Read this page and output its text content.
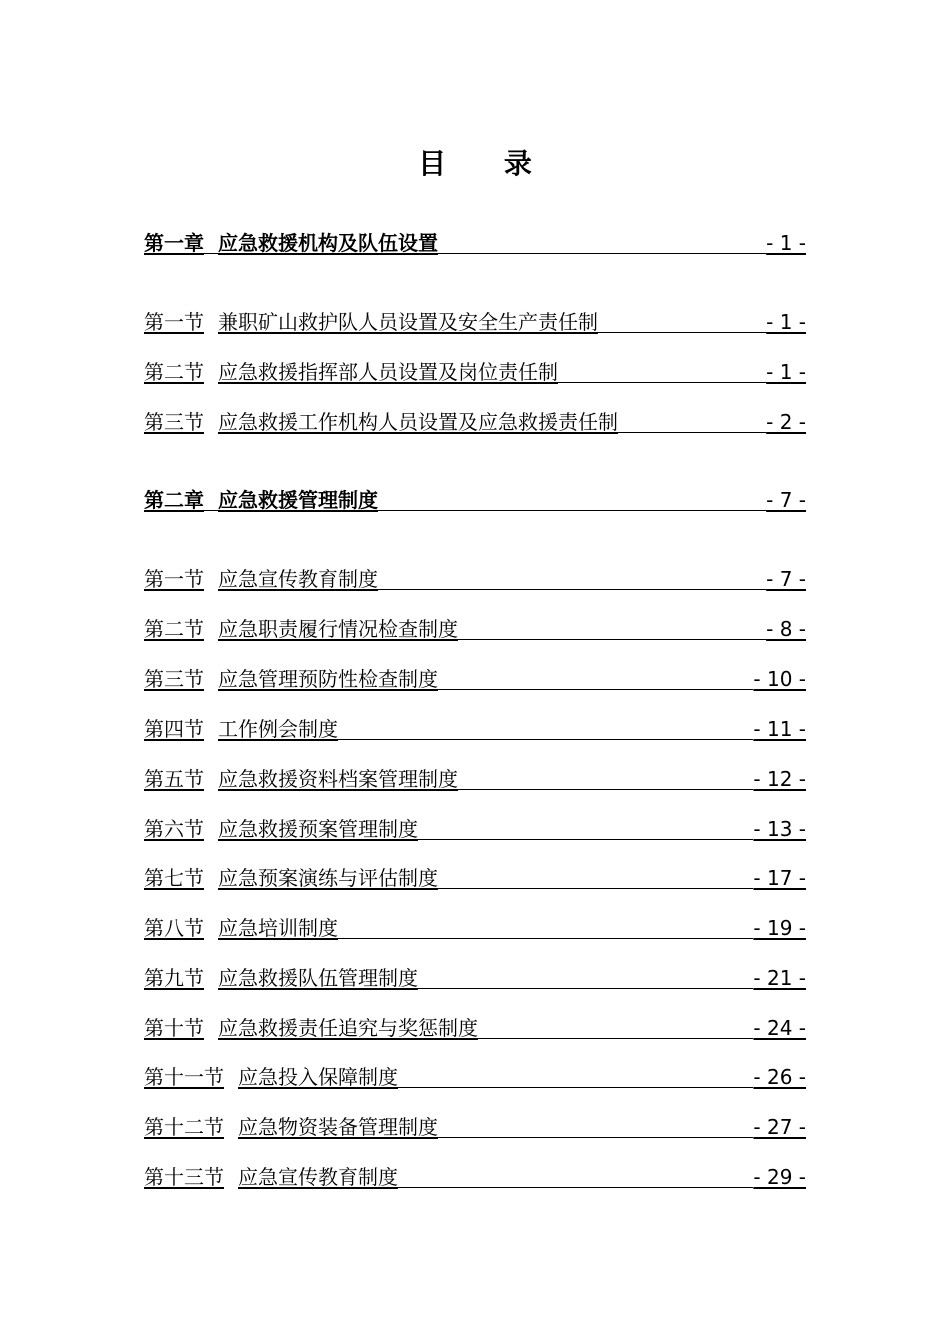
目 录
第一章 应急救援机构及队伍设置	- 1 -
第一节 兼职矿山救护队人员设置及安全生产责任制	- 1 -
第二节 应急救援指挥部人员设置及岗位责任制	- 1 -
第三节 应急救援工作机构人员设置及应急救援责任制	- 2 -
第二章 应急救援管理制度	- 7 -
第一节 应急宣传教育制度	- 7 -
第二节 应急职责履行情况检查制度	- 8 -
第三节 应急管理预防性检查制度	- 10 -
第四节 工作例会制度	- 11 -
第五节 应急救援资料档案管理制度	- 12 -
第六节 应急救援预案管理制度	- 13 -
第七节 应急预案演练与评估制度	- 17 -
第八节 应急培训制度	- 19 -
第九节 应急救援队伍管理制度	- 21 -
第十节 应急救援责任追究与奖惩制度	- 24 -
第十一节 应急投入保障制度	- 26 -
第十二节 应急物资装备管理制度	- 27 -
第十三节 应急宣传教育制度	- 29 -
